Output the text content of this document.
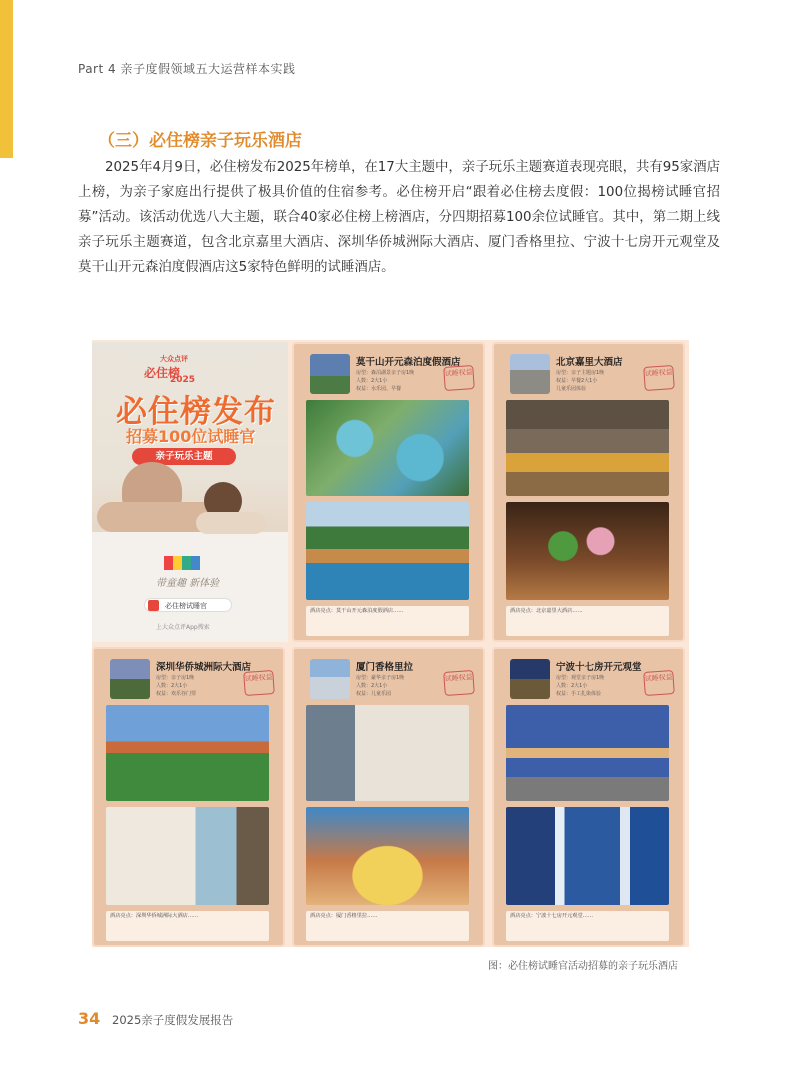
Part 4 亲子度假领域五大运营样本实践
（三）必住榜亲子玩乐酒店
2025年4月9日，必住榜发布2025年榜单，在17大主题中，亲子玩乐主题赛道表现亮眼，共有95家酒店上榜，为亲子家庭出行提供了极具价值的住宿参考。必住榜开启“跟着必住榜去度假：100位揭榜试睡官招募”活动。该活动优选八大主题，联合40家必住榜上榜酒店，分四期招募100余位试睡官。其中，第二期上线亲子玩乐主题赛道，包含北京嘉里大酒店、深圳华侨城洲际大酒店、厦门香格里拉、宁波十七房开元观堂及莫干山开元森泊度假酒店这5家特色鲜明的试睡酒店。
大众点评
必住榜
2025
必住榜发布
招募100位试睡官
亲子玩乐主题
带童趣 新体验
必住榜试睡官
上大众点评App搜索
莫干山开元森泊度假酒店
房型：森泊湖景亲子房1晚
人数：2大1小
权益：水乐园、早餐
试睡权益
酒店亮点：莫干山开元森泊度假酒店……
北京嘉里大酒店
房型：亲子主题房1晚
权益：早餐2大1小
儿童乐园体验
试睡权益
酒店亮点：北京嘉里大酒店……
深圳华侨城洲际大酒店
房型：亲子房1晚
人数：2大1小
权益：欢乐谷门票
试睡权益
酒店亮点：深圳华侨城洲际大酒店……
厦门香格里拉
房型：豪华亲子房1晚
人数：2大1小
权益：儿童乐园
试睡权益
酒店亮点：厦门香格里拉……
宁波十七房开元观堂
房型：观堂亲子房1晚
人数：2大1小
权益：手工扎染体验
试睡权益
酒店亮点：宁波十七房开元观堂……
图：必住榜试睡官活动招募的亲子玩乐酒店
34 2025亲子度假发展报告
